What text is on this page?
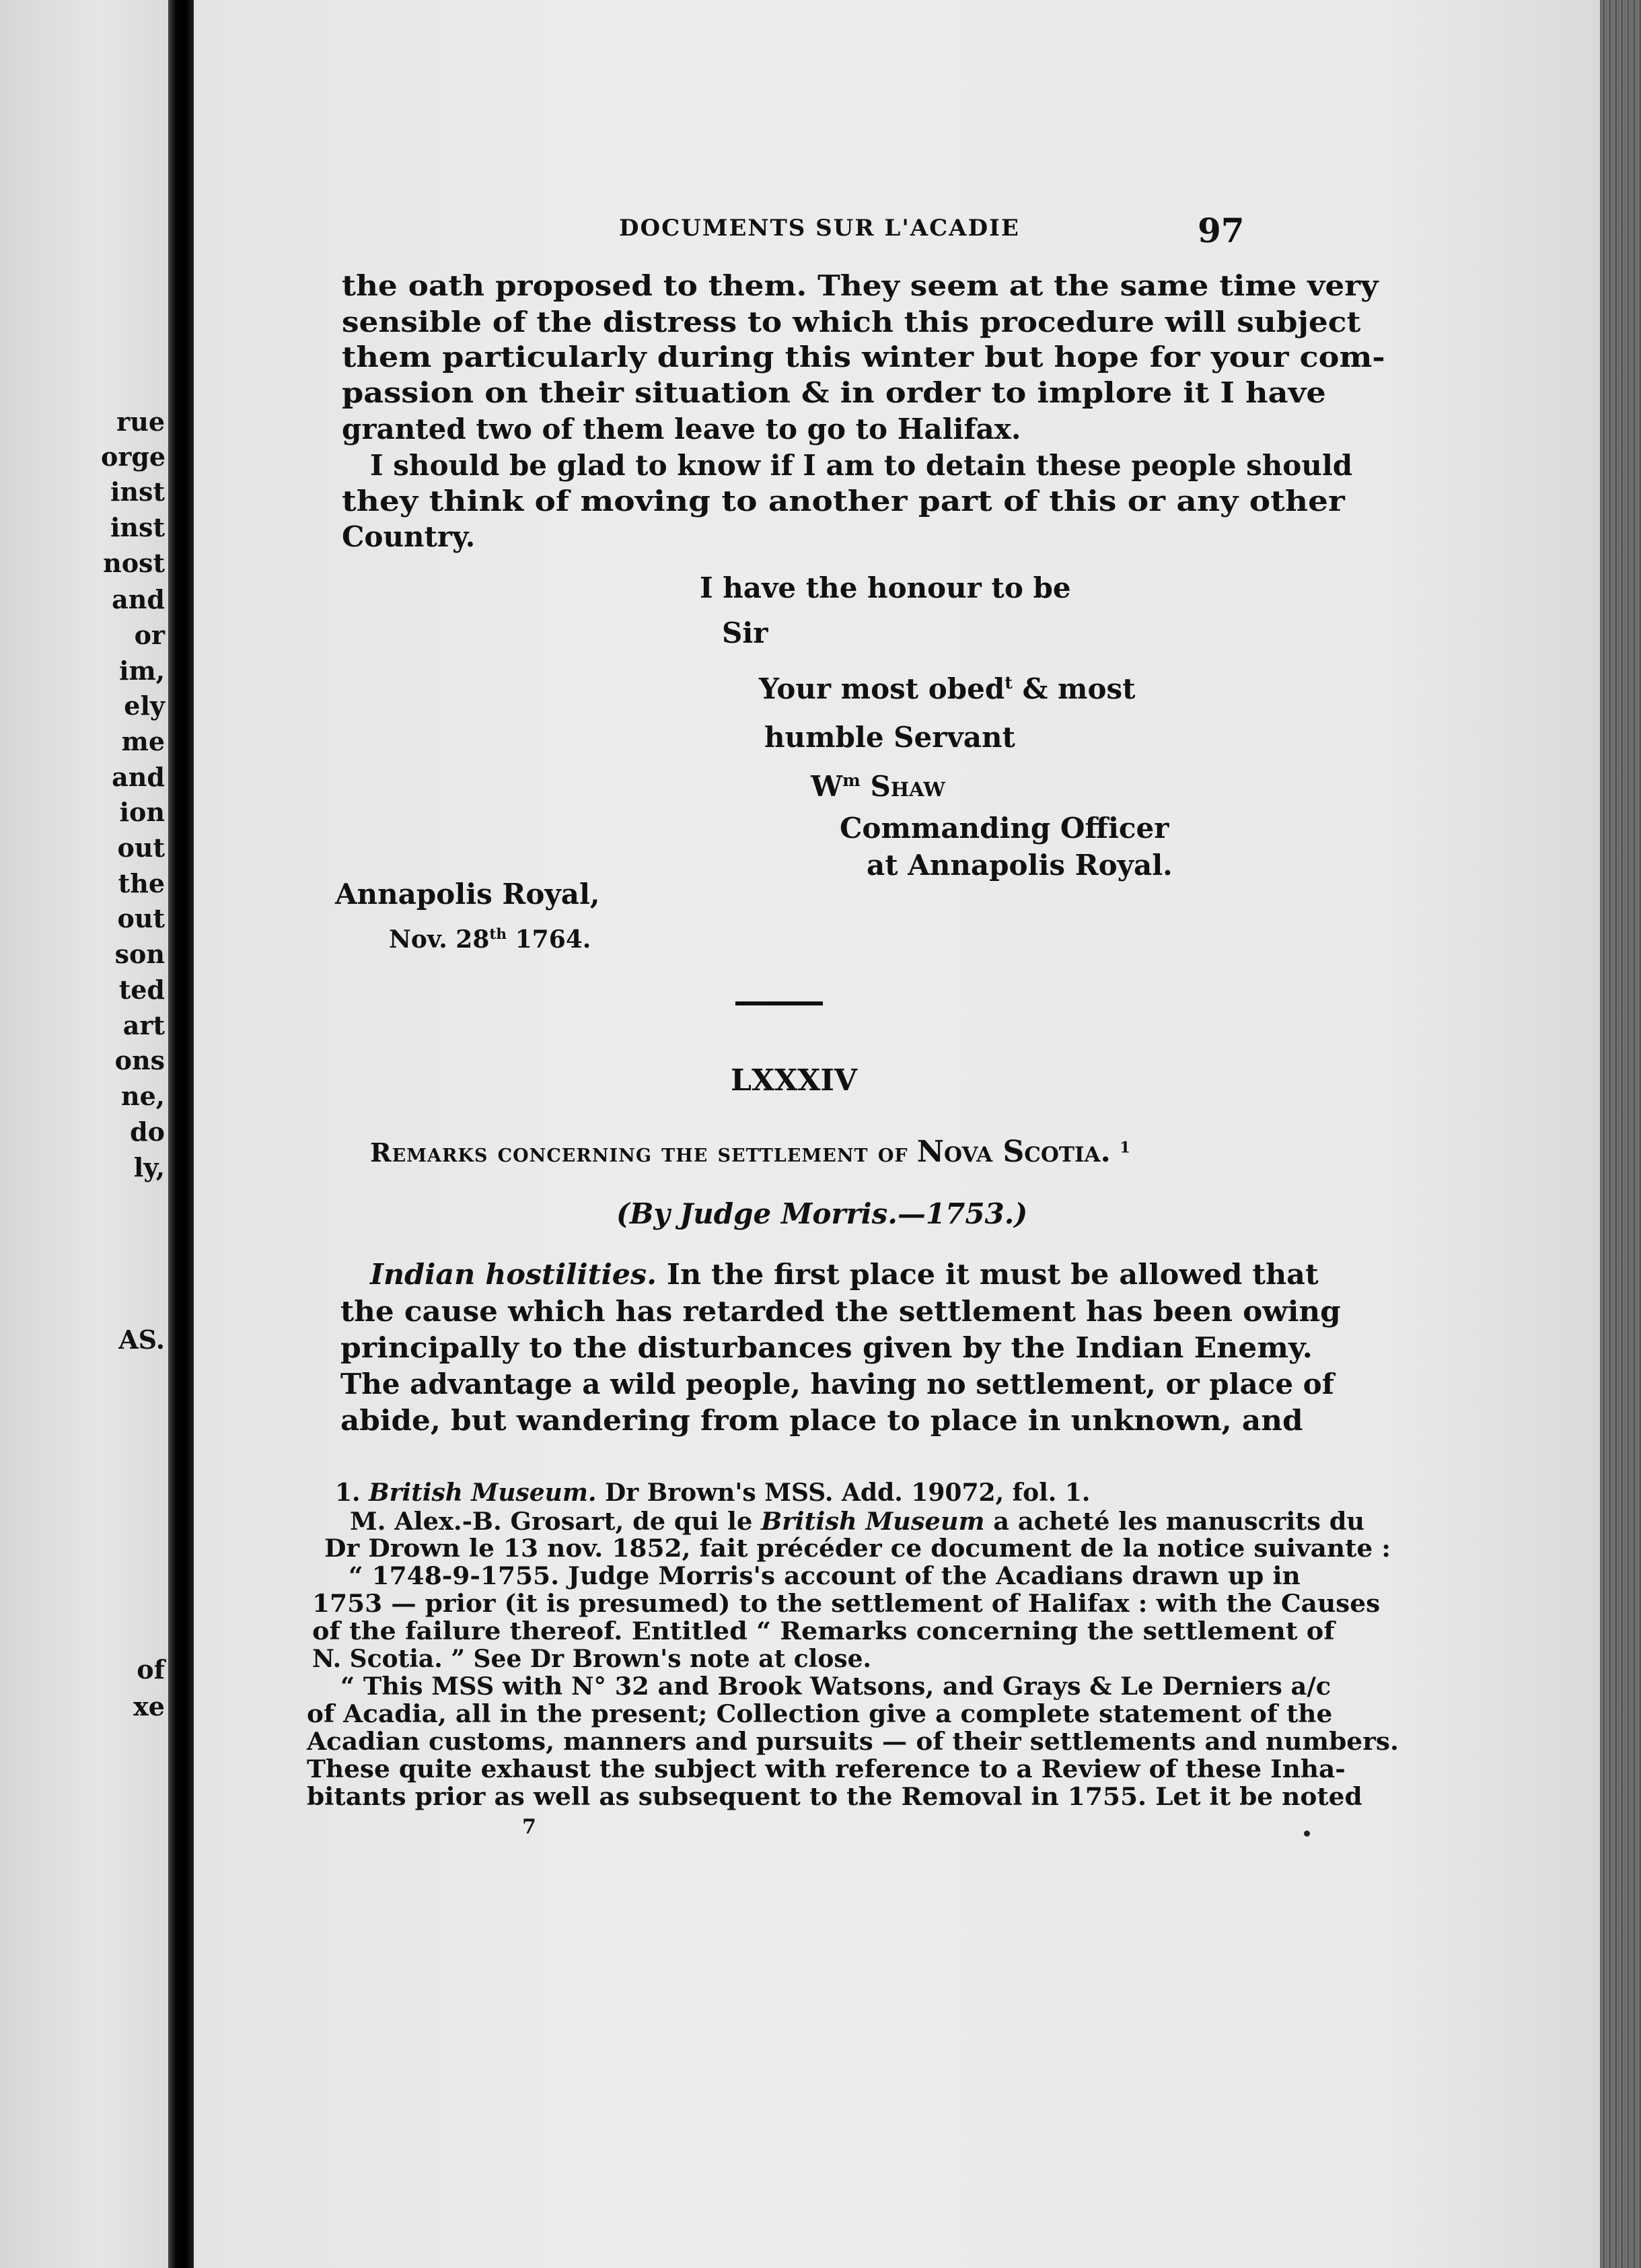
rue
orge
inst
inst
nost
and
or
im,
ely
me
and
ion
out
the
out
son
ted
art
ons
ne,
do
ly,
AS.
of
xe
DOCUMENTS SUR L'ACADIE	97
the oath proposed to them. They seem at the same time very
sensible of the distress to which this procedure will subject
them particularly during this winter but hope for your com-
passion on their situation & in order to implore it I have
granted two of them leave to go to Halifax.
I should be glad to know if I am to detain these people should
they think of moving to another part of this or any other
Country.
I have the honour to be
Sir
Your most obed$^t$ & most
humble Servant
$W^m$ Shaw
Commanding Officer
at Annapolis Royal.
Annapolis Royal,
Nov. 28th 1764.
LXXXIV
Remarks concerning the settlement of Nova Scotia. $^1$
(By Judge Morris.—1753.)
Indian hostilities. In the first place it must be allowed that
the cause which has retarded the settlement has been owing
principally to the disturbances given by the Indian Enemy.
The advantage a wild people, having no settlement, or place of
abide, but wandering from place to place in unknown, and
1. British Museum. Dr Brown's MSS. Add. 19072, fol. 1.
M. Alex.-B. Grosart, de qui le British Museum a acheté les manuscrits du
Dr Drown le 13 nov. 1852, fait précéder ce document de la notice suivante :
“ 1748-9-1755. Judge Morris's account of the Acadians drawn up in
1753 — prior (it is presumed) to the settlement of Halifax : with the Causes
of the failure thereof. Entitled “ Remarks concerning the settlement of
N. Scotia. ” See Dr Brown's note at close.
“ This MSS with N° 32 and Brook Watsons, and Grays & Le Derniers a/c
of Acadia, all in the present; Collection give a complete statement of the
Acadian customs, manners and pursuits — of their settlements and numbers.
These quite exhaust the subject with reference to a Review of these Inha-
bitants prior as well as subsequent to the Removal in 1755. Let it be noted
7
